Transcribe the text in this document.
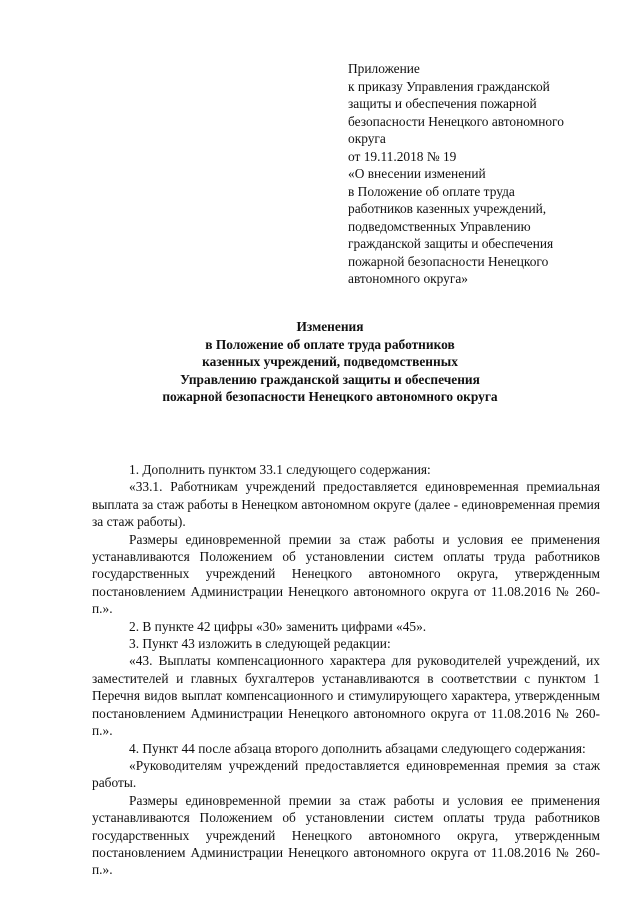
Приложение
к приказу Управления гражданской
защиты и обеспечения пожарной
безопасности Ненецкого автономного
округа
от 19.11.2018 № 19
«О внесении изменений
в Положение об оплате труда
работников казенных учреждений,
подведомственных Управлению
гражданской защиты и обеспечения
пожарной безопасности Ненецкого
автономного округа»
Изменения
в Положение об оплате труда работников
казенных учреждений, подведомственных
Управлению гражданской защиты и обеспечения
пожарной безопасности Ненецкого автономного округа

1. Дополнить пунктом 33.1 следующего содержания:

«33.1. Работникам учреждений предоставляется единовременная премиальная выплата за стаж работы в Ненецком автономном округе (далее - единовременная премия за стаж работы).

Размеры единовременной премии за стаж работы и условия ее применения устанавливаются Положением об установлении систем оплаты труда работников государственных учреждений Ненецкого автономного округа, утвержденным постановлением Администрации Ненецкого автономного округа от 11.08.2016 № 260-п.».

2. В пункте 42 цифры «30» заменить цифрами «45».

3. Пункт 43 изложить в следующей редакции:

«43. Выплаты компенсационного характера для руководителей учреждений, их заместителей и главных бухгалтеров устанавливаются в соответствии с пунктом 1 Перечня видов выплат компенсационного и стимулирующего характера, утвержденным постановлением Администрации Ненецкого автономного округа от 11.08.2016 № 260-п.».

4. Пункт 44 после абзаца второго дополнить абзацами следующего содержания:

«Руководителям учреждений предоставляется единовременная премия за стаж работы.

Размеры единовременной премии за стаж работы и условия ее применения устанавливаются Положением об установлении систем оплаты труда работников государственных учреждений Ненецкого автономного округа, утвержденным постановлением Администрации Ненецкого автономного округа от 11.08.2016 № 260-п.».
